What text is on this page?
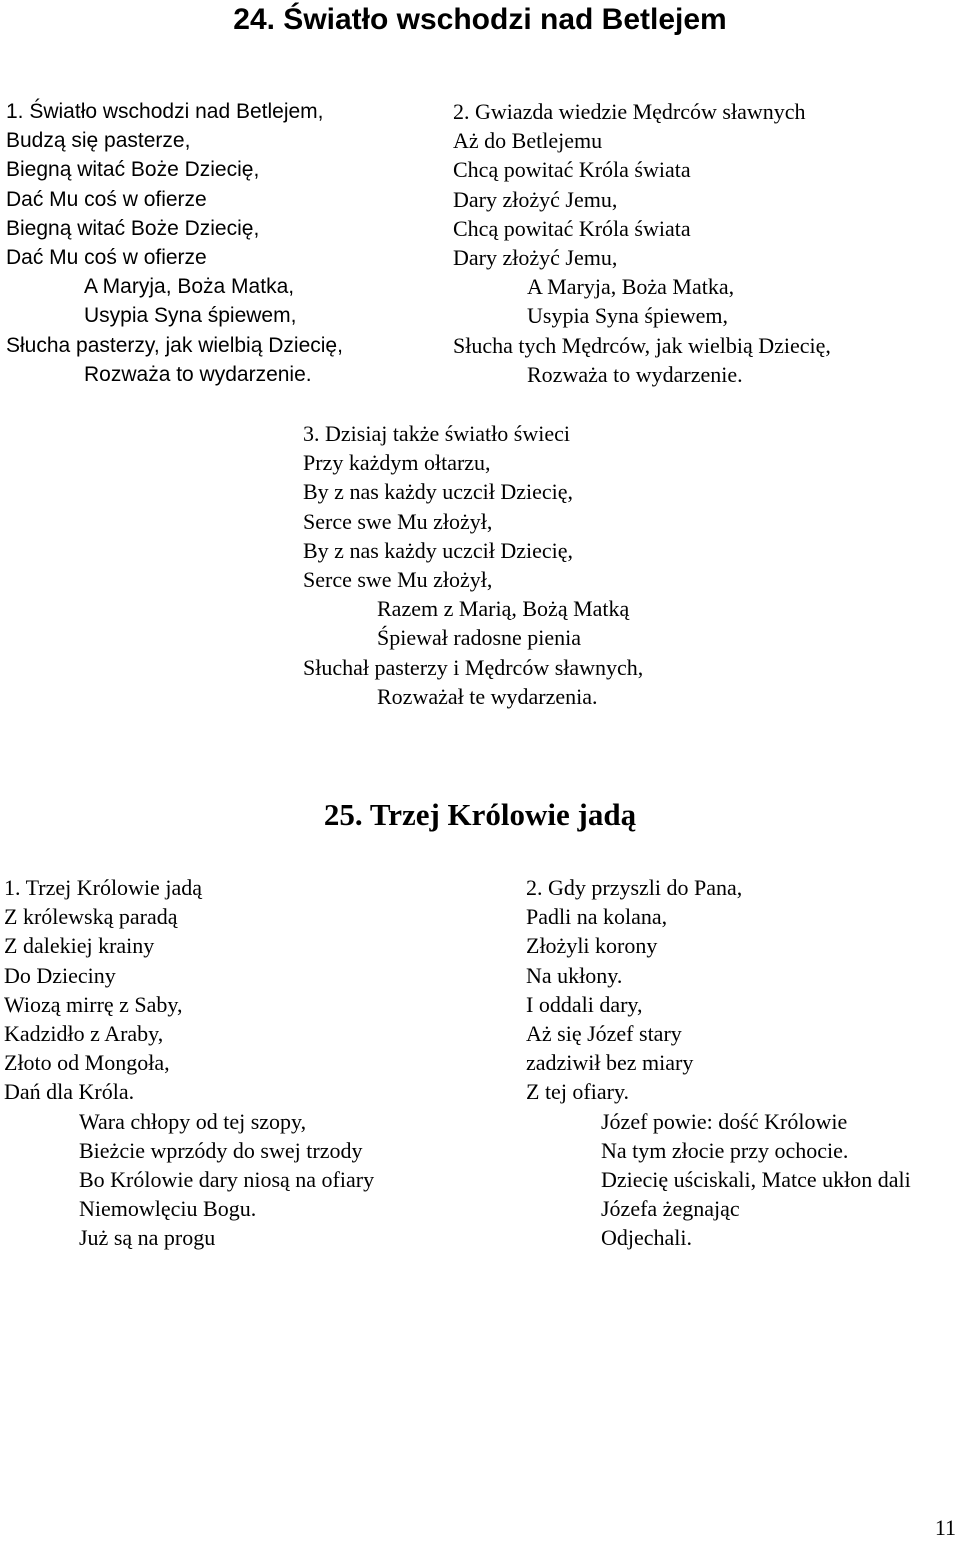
24. Światło wschodzi nad Betlejem
1. Światło wschodzi nad Betlejem,
Budzą się pasterze,
Biegną witać Boże Dziecię,
Dać Mu coś w ofierze
Biegną witać Boże Dziecię,
Dać Mu coś w ofierze
A Maryja, Boża Matka,
Usypia Syna śpiewem,
Słucha pasterzy, jak wielbią Dziecię,
Rozważa to wydarzenie.
2. Gwiazda wiedzie Mędrców sławnych
Aż do Betlejemu
Chcą powitać Króla świata
Dary złożyć Jemu,
Chcą powitać Króla świata
Dary złożyć Jemu,
A Maryja, Boża Matka,
Usypia Syna śpiewem,
Słucha tych Mędrców, jak wielbią Dziecię,
Rozważa to wydarzenie.
3. Dzisiaj także światło świeci
Przy każdym ołtarzu,
By z nas każdy uczcił Dziecię,
Serce swe Mu złożył,
By z nas każdy uczcił Dziecię,
Serce swe Mu złożył,
Razem z Marią, Bożą Matką
Śpiewał radosne pienia
Słuchał pasterzy i Mędrców sławnych,
Rozważał te wydarzenia.
25. Trzej Królowie jadą
1. Trzej Królowie jadą
Z królewską paradą
Z dalekiej krainy
Do Dzieciny
Wiozą mirrę z Saby,
Kadzidło z Araby,
Złoto od Mongoła,
Dań dla Króla.
Wara chłopy od tej szopy,
Bieżcie wprzódy do swej trzody
Bo Królowie dary niosą na ofiary
Niemowlęciu Bogu.
Już są na progu
2. Gdy przyszli do Pana,
Padli na kolana,
Złożyli korony
Na ukłony.
I oddali dary,
Aż się Józef stary
zadziwił bez miary
Z tej ofiary.
Józef powie: dość Królowie
Na tym złocie przy ochocie.
Dziecię uściskali, Matce ukłon dali
Józefa żegnając
Odjechali.
11
